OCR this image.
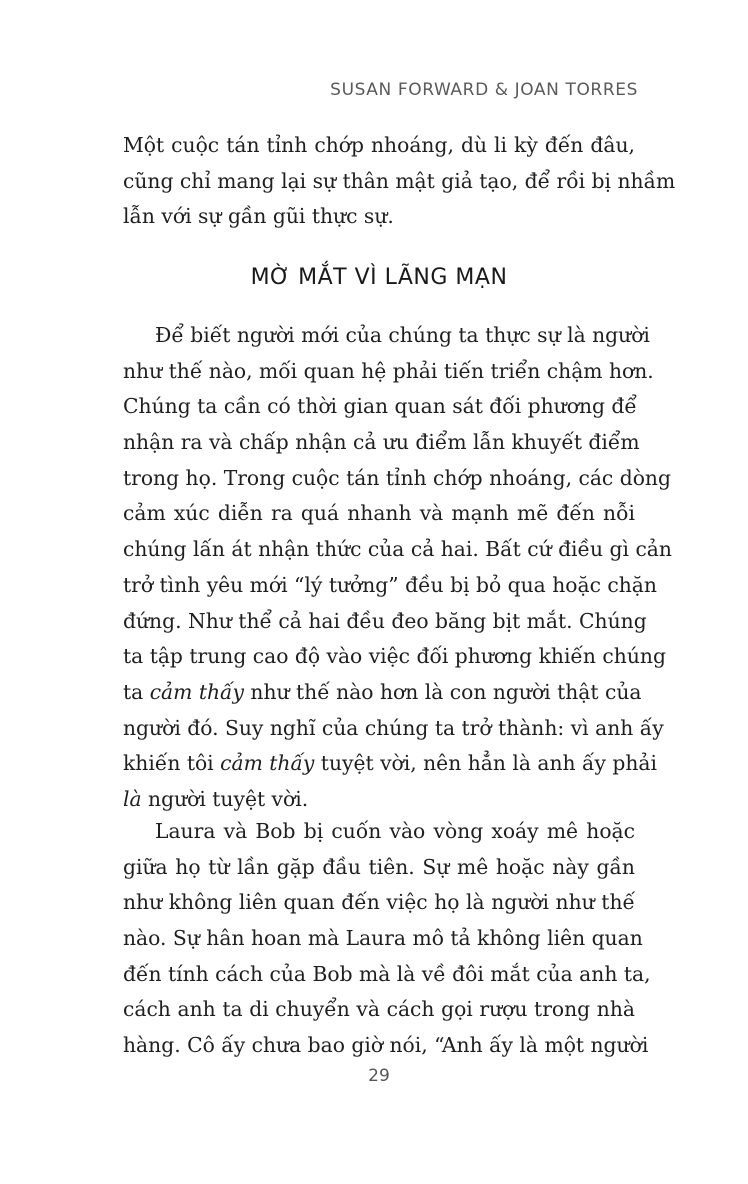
SUSAN FORWARD & JOAN TORRES
Một cuộc tán tỉnh chớp nhoáng, dù li kỳ đến đâu,
cũng chỉ mang lại sự thân mật giả tạo, để rồi bị nhầm
lẫn với sự gần gũi thực sự.
MỜ MẮT VÌ LÃNG MẠN
Để biết người mới của chúng ta thực sự là người
như thế nào, mối quan hệ phải tiến triển chậm hơn.
Chúng ta cần có thời gian quan sát đối phương để
nhận ra và chấp nhận cả ưu điểm lẫn khuyết điểm
trong họ. Trong cuộc tán tỉnh chớp nhoáng, các dòng
cảm xúc diễn ra quá nhanh và mạnh mẽ đến nỗi
chúng lấn át nhận thức của cả hai. Bất cứ điều gì cản
trở tình yêu mới “lý tưởng” đều bị bỏ qua hoặc chặn
đứng. Như thể cả hai đều đeo băng bịt mắt. Chúng
ta tập trung cao độ vào việc đối phương khiến chúng
ta cảm thấy như thế nào hơn là con người thật của
người đó. Suy nghĩ của chúng ta trở thành: vì anh ấy
khiến tôi cảm thấy tuyệt vời, nên hẳn là anh ấy phải
là người tuyệt vời.
Laura và Bob bị cuốn vào vòng xoáy mê hoặc
giữa họ từ lần gặp đầu tiên. Sự mê hoặc này gần
như không liên quan đến việc họ là người như thế
nào. Sự hân hoan mà Laura mô tả không liên quan
đến tính cách của Bob mà là về đôi mắt của anh ta,
cách anh ta di chuyển và cách gọi rượu trong nhà
hàng. Cô ấy chưa bao giờ nói, “Anh ấy là một người
29
